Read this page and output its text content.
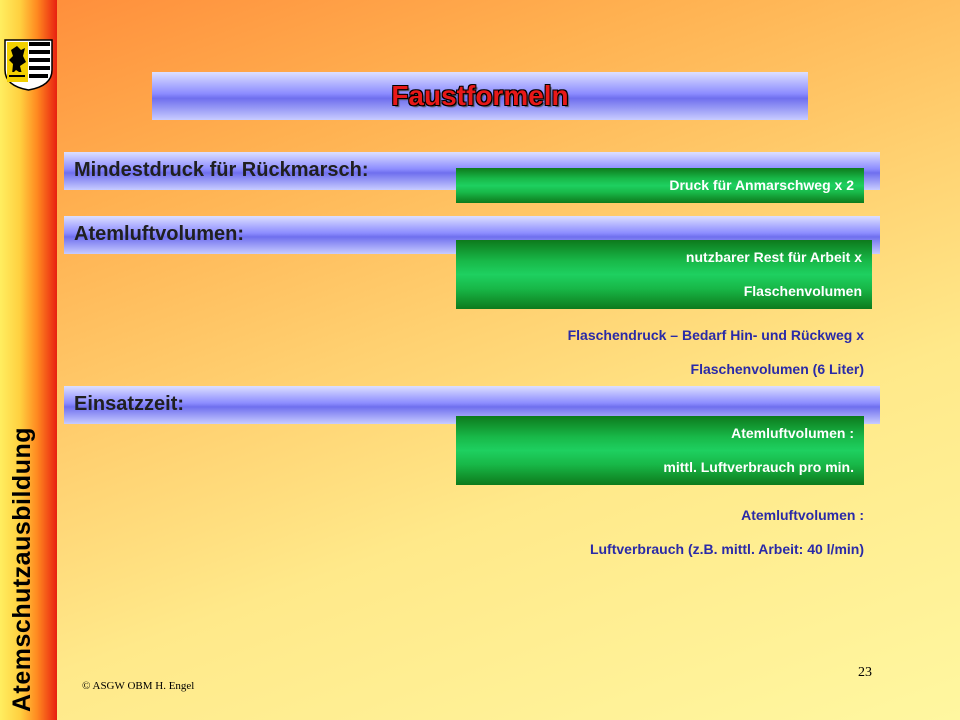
Atemschutzausbildung
Faustformeln
Mindestdruck für Rückmarsch:
Druck für Anmarschweg x 2
Atemluftvolumen:
nutzbarer Rest für Arbeit x
Flaschenvolumen
Flaschendruck – Bedarf Hin- und Rückweg x
Flaschenvolumen (6 Liter)
Einsatzzeit:
Atemluftvolumen :
mittl. Luftverbrauch pro min.
Atemluftvolumen :
Luftverbrauch (z.B. mittl. Arbeit: 40 l/min)
© ASGW OBM H. Engel
23
